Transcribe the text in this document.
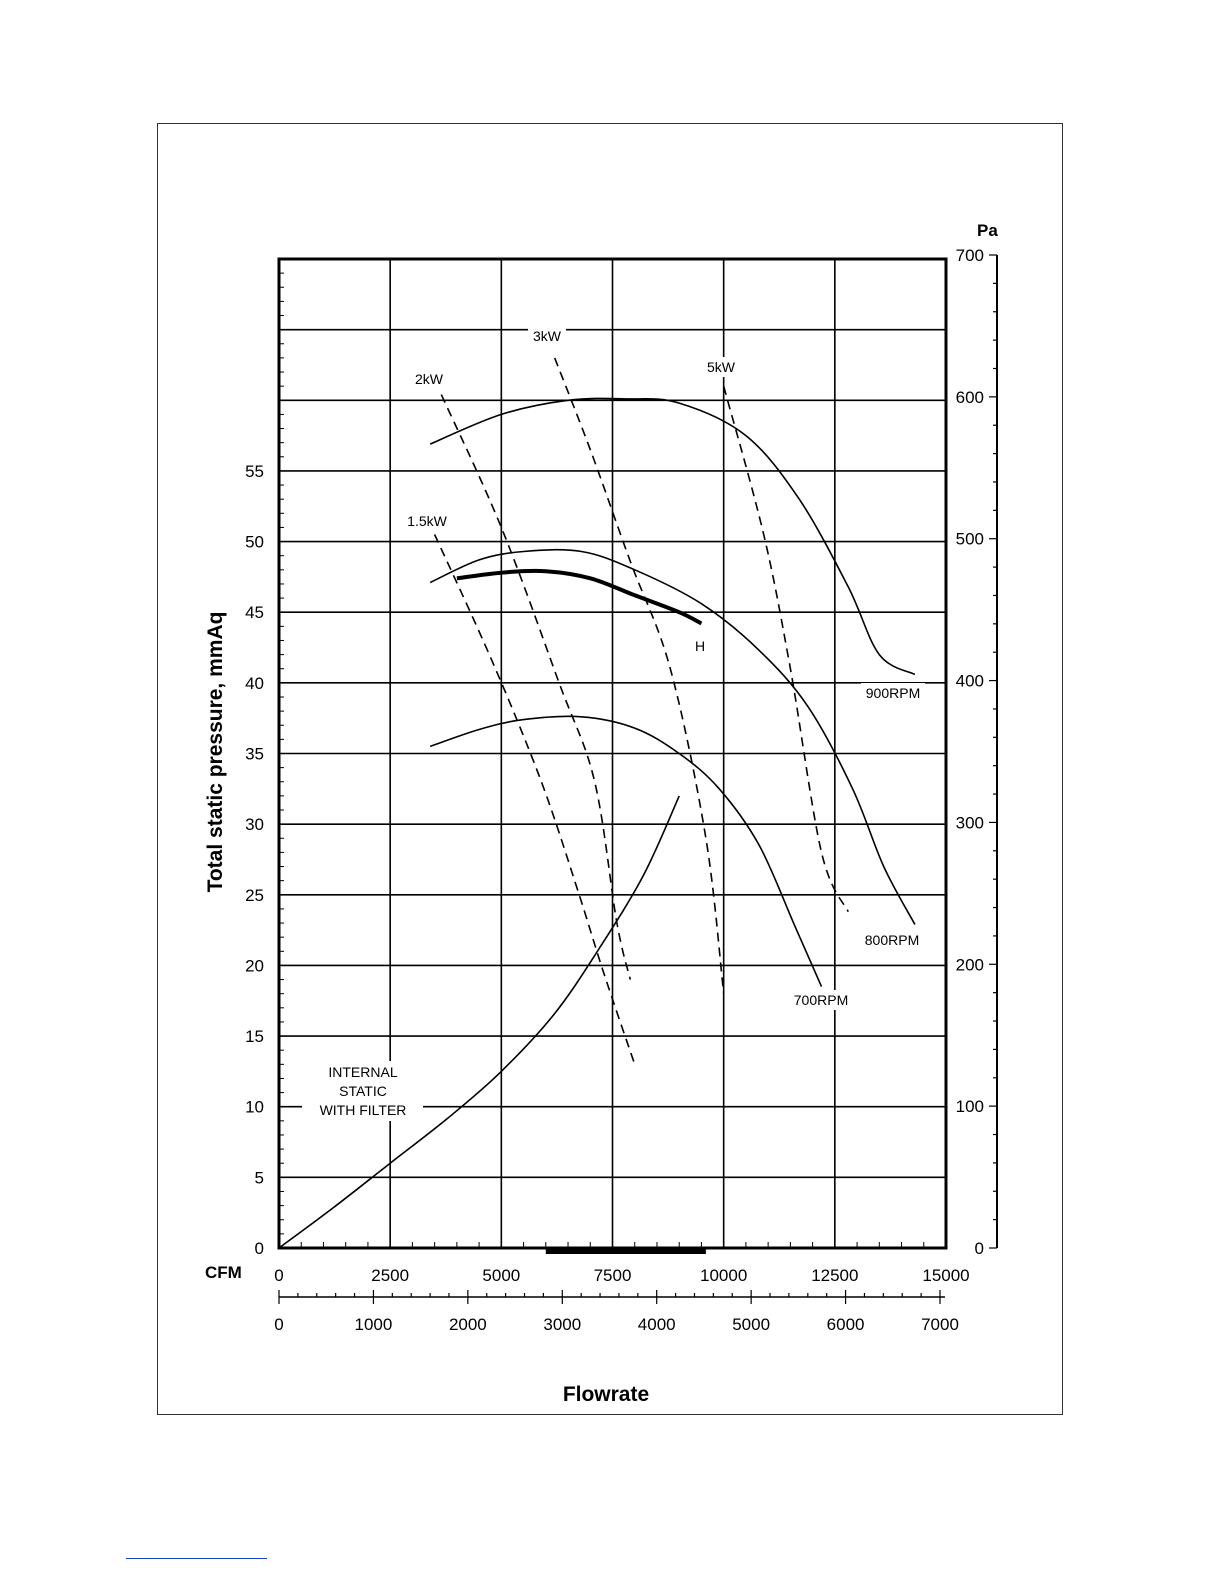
900RPM
800RPM
700RPM
H
INTERNAL
STATIC
WITH FILTER
1.5kW
2kW
3kW
5kW
0
5
10
15
20
25
30
35
40
45
50
55
0	2500	5000	7500	10000	12500	15000
0	1000	2000	3000	4000	5000	6000	7000
0
100
200
300
400
500
600
700
Total static pressure, mmAq
Flowrate
Pa
CFM
